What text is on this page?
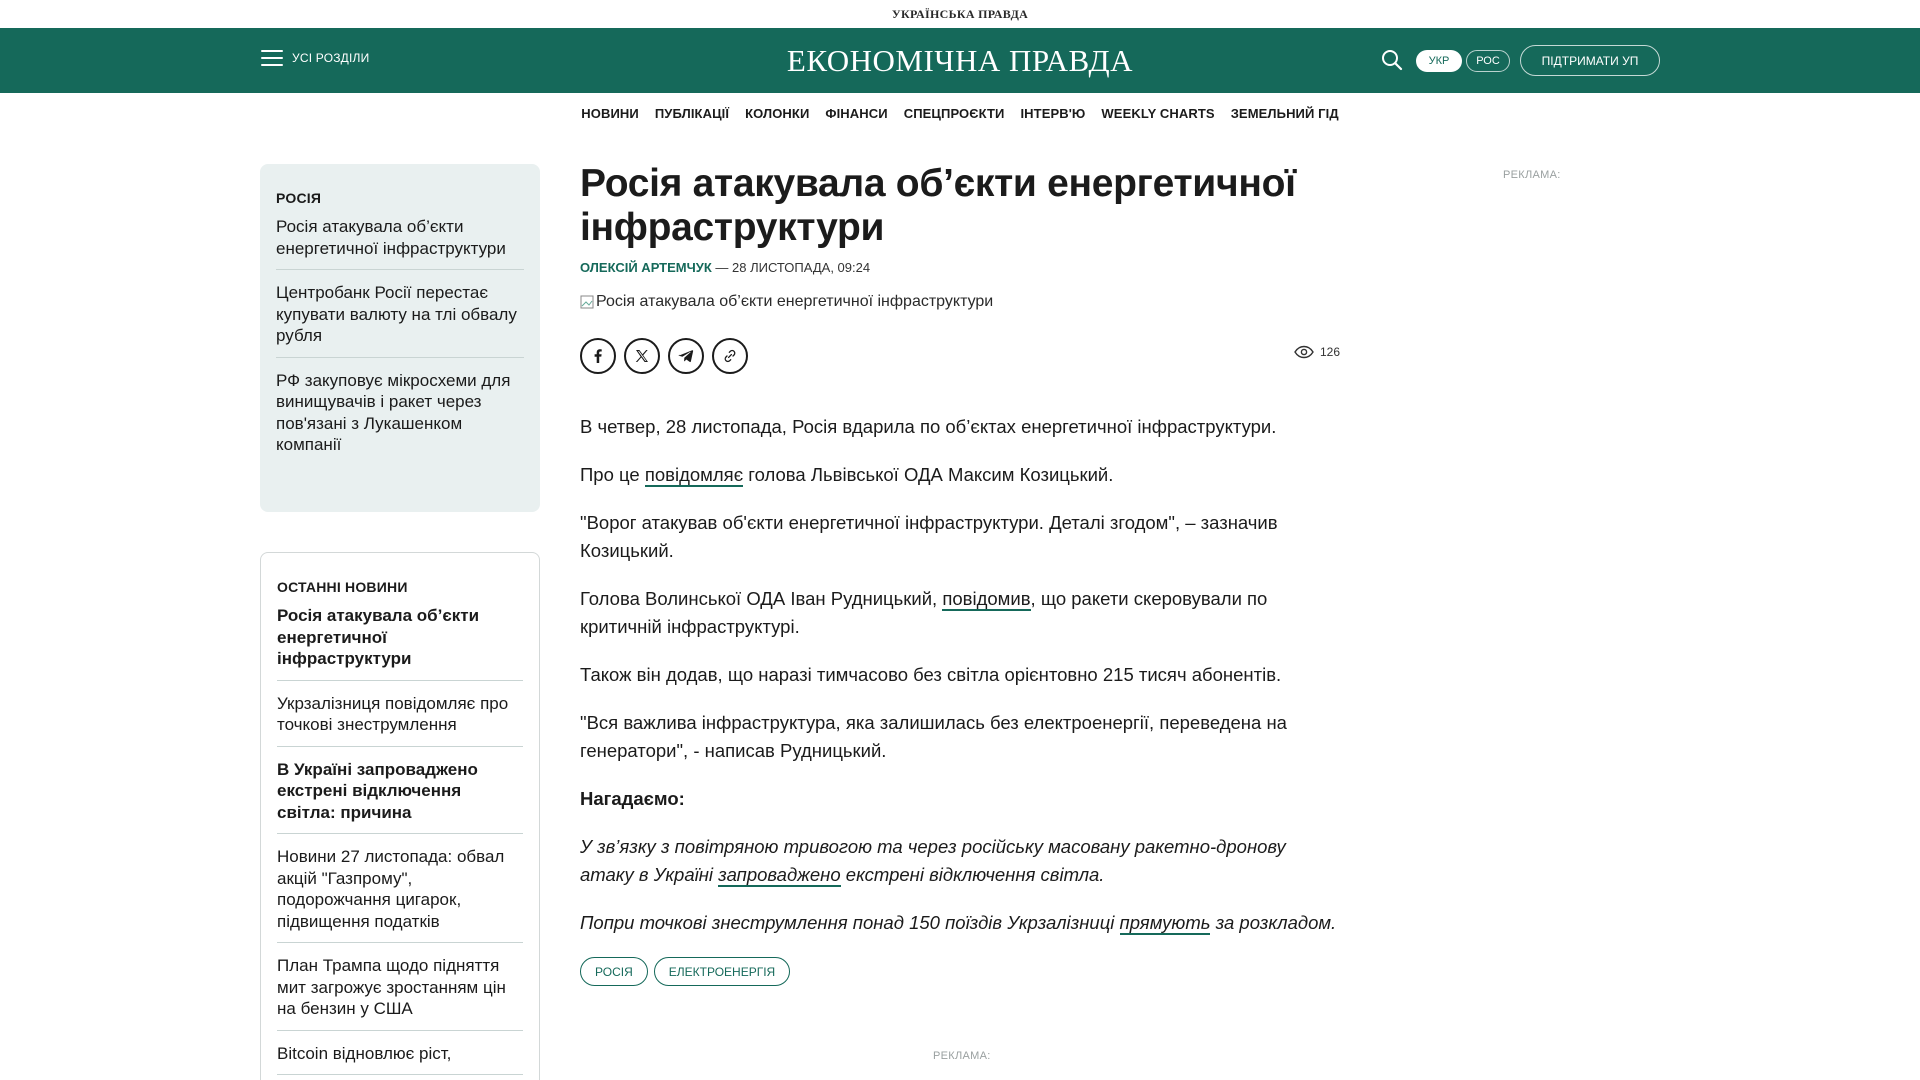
УКРАЇНСЬКА ПРАВДА
УСІ РОЗДІЛИ	ЕКОНОМІЧНА ПРАВДА	УКР	РОС	ПІДТРИМАТИ УП
НОВИНИ ПУБЛІКАЦІЇ КОЛОНКИ ФІНАНСИ СПЕЦПРОЄКТИ ІНТЕРВ'Ю WEEKLY CHARTS ЗЕМЕЛЬНИЙ ГІД
РОСІЯ
Росія атакувала об’єкти енергетичної інфраструктури
Центробанк Росії перестає купувати валюту на тлі обвалу рубля
РФ закуповує мікросхеми для винищувачів і ракет через пов'язані з Лукашенком компанії
ОСТАННІ НОВИНИ
Росія атакувала об’єкти енергетичної інфраструктури
Укрзалізниця повідомляє про точкові знеструмлення
В Україні запроваджено екстрені відключення світла: причина
Новини 27 листопада: обвал акцій "Газпрому", подорожчання цигарок, підвищення податків
План Трампа щодо підняття мит загрожує зростанням цін на бензин у США
Bitcoin відновлює ріст,
Росія атакувала об’єкти енергетичної інфраструктури
ОЛЕКСІЙ АРТЕМЧУК — 28 ЛИСТОПАДА, 09:24
Росія атакувала об’єкти енергетичної інфраструктури
126

В четвер, 28 листопада, Росія вдарила по об’єктах енергетичної інфраструктури.

Про це повідомляє голова Львівської ОДА Максим Козицький.

"Ворог атакував об'єкти енергетичної інфраструктури. Деталі згодом", – зазначив Козицький.

Голова Волинської ОДА Іван Рудницький, повідомив, що ракети скеровували по критичній інфраструктурі.

Також він додав, що наразі тимчасово без світла орієнтовно 215 тисяч абонентів.

"Вся важлива інфраструктура, яка залишилась без електроенергії, переведена на генератори", - написав Рудницький.

Нагадаємо:

У зв’язку з повітряною тривогою та через російську масовану ракетно-дронову атаку в Україні запроваджено екстрені відключення світла.

Попри точкові знеструмлення понад 150 поїздів Укрзалізниці прямують за розкладом.

РОСІЯ	ЕЛЕКТРОЕНЕРГІЯ
РЕКЛАМА:
РЕКЛАМА:
